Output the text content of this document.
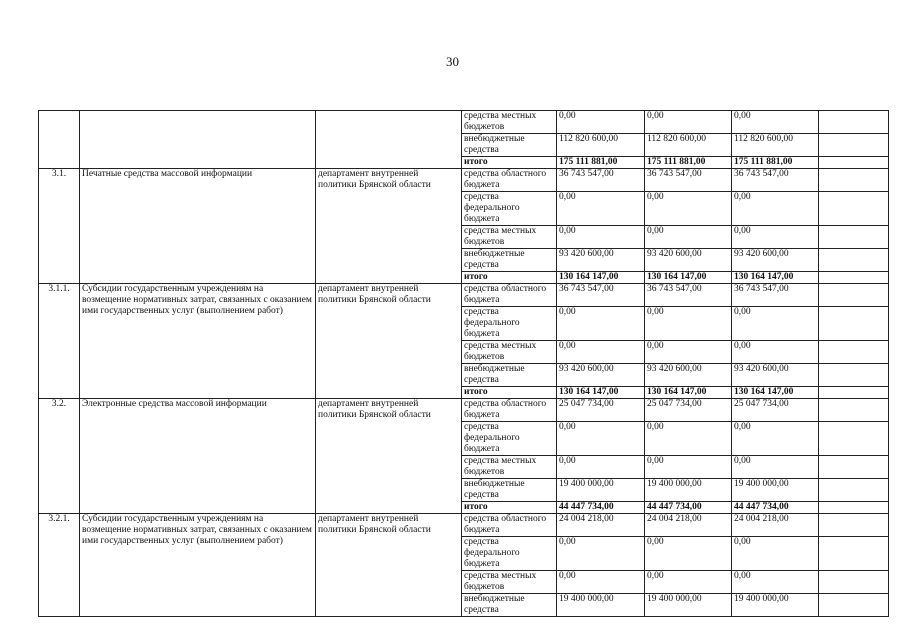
30
			средства местных бюджетов	0,00	0,00	0,00	
			внебюджетные средства	112 820 600,00	112 820 600,00	112 820 600,00	
			итого	175 111 881,00	175 111 881,00	175 111 881,00	
3.1.	Печатные средства массовой информации	департамент внутренней политики Брянской области	средства областного бюджета	36 743 547,00	36 743 547,00	36 743 547,00	
			средства федерального бюджета	0,00	0,00	0,00	
			средства местных бюджетов	0,00	0,00	0,00	
			внебюджетные средства	93 420 600,00	93 420 600,00	93 420 600,00	
			итого	130 164 147,00	130 164 147,00	130 164 147,00	
3.1.1.	Субсидии государственным учреждениям на возмещение нормативных затрат, связанных с оказанием ими государственных услуг (выполнением работ)	департамент внутренней политики Брянской области	средства областного бюджета	36 743 547,00	36 743 547,00	36 743 547,00	
			средства федерального бюджета	0,00	0,00	0,00	
			средства местных бюджетов	0,00	0,00	0,00	
			внебюджетные средства	93 420 600,00	93 420 600,00	93 420 600,00	
			итого	130 164 147,00	130 164 147,00	130 164 147,00	
3.2.	Электронные средства массовой информации	департамент внутренней политики Брянской области	средства областного бюджета	25 047 734,00	25 047 734,00	25 047 734,00	
			средства федерального бюджета	0,00	0,00	0,00	
			средства местных бюджетов	0,00	0,00	0,00	
			внебюджетные средства	19 400 000,00	19 400 000,00	19 400 000,00	
			итого	44 447 734,00	44 447 734,00	44 447 734,00	
3.2.1.	Субсидии государственным учреждениям на возмещение нормативных затрат, связанных с оказанием ими государственных услуг (выполнением работ)	департамент внутренней политики Брянской области	средства областного бюджета	24 004 218,00	24 004 218,00	24 004 218,00	
			средства федерального бюджета	0,00	0,00	0,00	
			средства местных бюджетов	0,00	0,00	0,00	
			внебюджетные средства	19 400 000,00	19 400 000,00	19 400 000,00	
